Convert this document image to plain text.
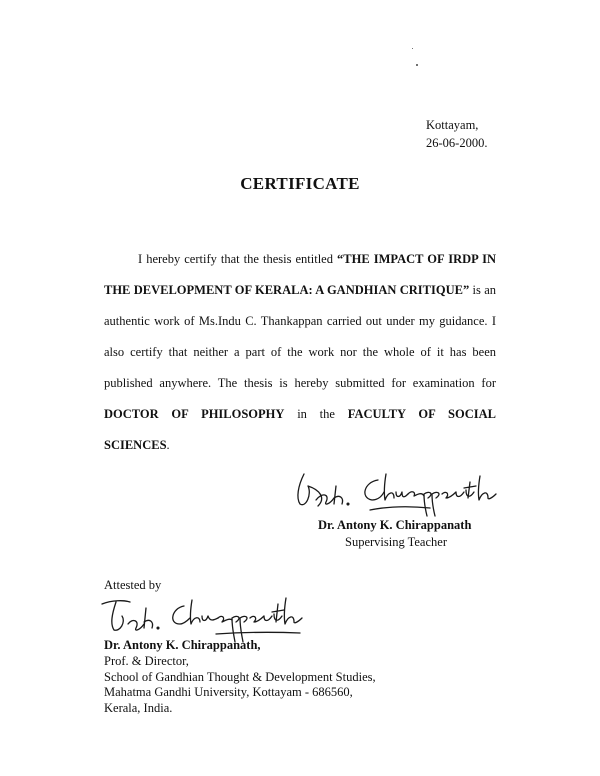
Kottayam,
26-06-2000.
CERTIFICATE

I hereby certify that the thesis entitled “THE IMPACT OF IRDP IN THE DEVELOPMENT OF KERALA: A GANDHIAN CRITIQUE” is an authentic work of Ms.Indu C. Thankappan carried out under my guidance. I also certify that neither a part of the work nor the whole of it has been published anywhere. The thesis is hereby submitted for examination for DOCTOR OF PHILOSOPHY in the FACULTY OF SOCIAL SCIENCES.

Dr. Antony K. Chirappanath
Supervising Teacher
Attested by
Dr. Antony K. Chirappanath,
Prof. & Director,
School of Gandhian Thought & Development Studies,
Mahatma Gandhi University, Kottayam - 686560,
Kerala, India.
